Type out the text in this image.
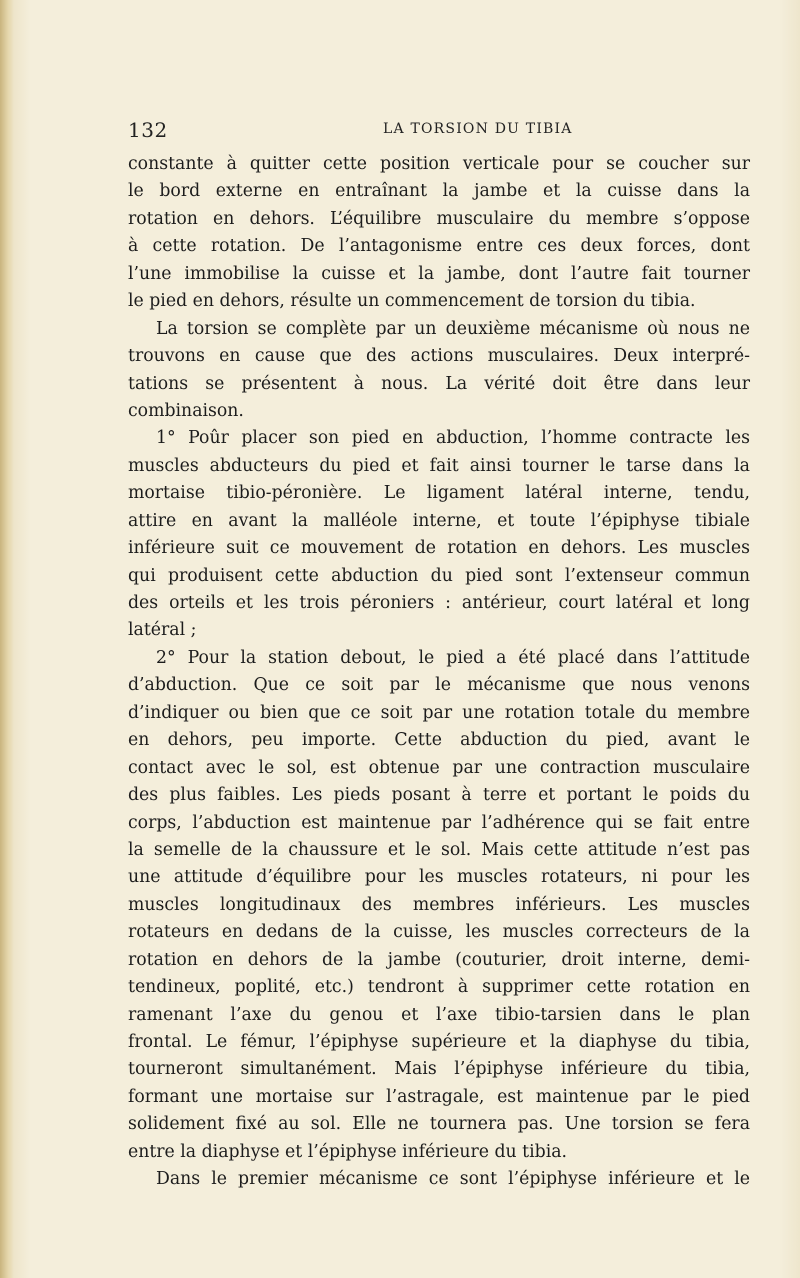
132	LA TORSION DU TIBIA
constante à quitter cette position verticale pour se coucher sur
le bord externe en entraînant la jambe et la cuisse dans la
rotation en dehors. L’équilibre musculaire du membre s’oppose
à cette rotation. De l’antagonisme entre ces deux forces, dont
l’une immobilise la cuisse et la jambe, dont l’autre fait tourner
le pied en dehors, résulte un commencement de torsion du tibia.
La torsion se complète par un deuxième mécanisme où nous ne
trouvons en cause que des actions musculaires. Deux interpré-
tations se présentent à nous. La vérité doit être dans leur
combinaison.
1° Poûr placer son pied en abduction, l’homme contracte les
muscles abducteurs du pied et fait ainsi tourner le tarse dans la
mortaise tibio-péronière. Le ligament latéral interne, tendu,
attire en avant la malléole interne, et toute l’épiphyse tibiale
inférieure suit ce mouvement de rotation en dehors. Les muscles
qui produisent cette abduction du pied sont l’extenseur commun
des orteils et les trois péroniers : antérieur, court latéral et long
latéral ;
2° Pour la station debout, le pied a été placé dans l’attitude
d’abduction. Que ce soit par le mécanisme que nous venons
d’indiquer ou bien que ce soit par une rotation totale du membre
en dehors, peu importe. Cette abduction du pied, avant le
contact avec le sol, est obtenue par une contraction musculaire
des plus faibles. Les pieds posant à terre et portant le poids du
corps, l’abduction est maintenue par l’adhérence qui se fait entre
la semelle de la chaussure et le sol. Mais cette attitude n’est pas
une attitude d’équilibre pour les muscles rotateurs, ni pour les
muscles longitudinaux des membres inférieurs. Les muscles
rotateurs en dedans de la cuisse, les muscles correcteurs de la
rotation en dehors de la jambe (couturier, droit interne, demi-
tendineux, poplité, etc.) tendront à supprimer cette rotation en
ramenant l’axe du genou et l’axe tibio-tarsien dans le plan
frontal. Le fémur, l’épiphyse supérieure et la diaphyse du tibia,
tourneront simultanément. Mais l’épiphyse inférieure du tibia,
formant une mortaise sur l’astragale, est maintenue par le pied
solidement fixé au sol. Elle ne tournera pas. Une torsion se fera
entre la diaphyse et l’épiphyse inférieure du tibia.
Dans le premier mécanisme ce sont l’épiphyse inférieure et le
